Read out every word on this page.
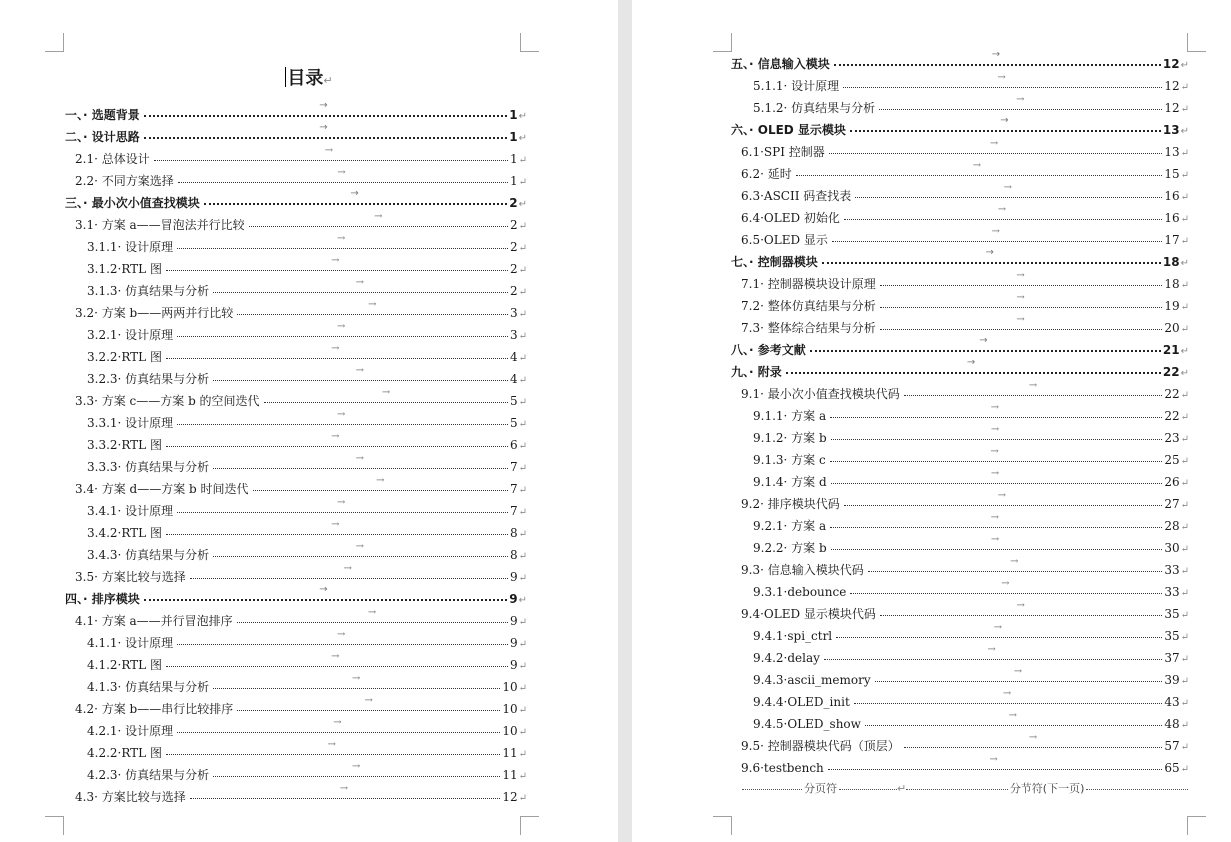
目录↵
一、· 选题背景
→
1 ↵
二、· 设计思路
→
1 ↵
2.1· 总体设计
→
1 ↵
2.2· 不同方案选择
→
1 ↵
三、· 最小次小值查找模块
→
2 ↵
3.1· 方案 a——冒泡法并行比较
→
2 ↵
3.1.1· 设计原理
→
2 ↵
3.1.2·RTL 图
→
2 ↵
3.1.3· 仿真结果与分析
→
2 ↵
3.2· 方案 b——两两并行比较
→
3 ↵
3.2.1· 设计原理
→
3 ↵
3.2.2·RTL 图
→
4 ↵
3.2.3· 仿真结果与分析
→
4 ↵
3.3· 方案 c——方案 b 的空间迭代
→
5 ↵
3.3.1· 设计原理
→
5 ↵
3.3.2·RTL 图
→
6 ↵
3.3.3· 仿真结果与分析
→
7 ↵
3.4· 方案 d——方案 b 时间迭代
→
7 ↵
3.4.1· 设计原理
→
7 ↵
3.4.2·RTL 图
→
8 ↵
3.4.3· 仿真结果与分析
→
8 ↵
3.5· 方案比较与选择
→
9 ↵
四、· 排序模块
→
9 ↵
4.1· 方案 a——并行冒泡排序
→
9 ↵
4.1.1· 设计原理
→
9 ↵
4.1.2·RTL 图
→
9 ↵
4.1.3· 仿真结果与分析
→
10 ↵
4.2· 方案 b——串行比较排序
→
10 ↵
4.2.1· 设计原理
→
10 ↵
4.2.2·RTL 图
→
11 ↵
4.2.3· 仿真结果与分析
→
11 ↵
4.3· 方案比较与选择
→
12 ↵
五、· 信息输入模块
→
12 ↵
5.1.1· 设计原理
→
12 ↵
5.1.2· 仿真结果与分析
→
12 ↵
六、· OLED 显示模块
→
13 ↵
6.1·SPI 控制器
→
13 ↵
6.2· 延时
→
15 ↵
6.3·ASCII 码查找表
→
16 ↵
6.4·OLED 初始化
→
16 ↵
6.5·OLED 显示
→
17 ↵
七、· 控制器模块
→
18 ↵
7.1· 控制器模块设计原理
→
18 ↵
7.2· 整体仿真结果与分析
→
19 ↵
7.3· 整体综合结果与分析
→
20 ↵
八、· 参考文献
→
21 ↵
九、· 附录
→
22 ↵
9.1· 最小次小值查找模块代码
→
22 ↵
9.1.1· 方案 a
→
22 ↵
9.1.2· 方案 b
→
23 ↵
9.1.3· 方案 c
→
25 ↵
9.1.4· 方案 d
→
26 ↵
9.2· 排序模块代码
→
27 ↵
9.2.1· 方案 a
→
28 ↵
9.2.2· 方案 b
→
30 ↵
9.3· 信息输入模块代码
→
33 ↵
9.3.1·debounce
→
33 ↵
9.4·OLED 显示模块代码
→
35 ↵
9.4.1·spi_ctrl
→
35 ↵
9.4.2·delay
→
37 ↵
9.4.3·ascii_memory
→
39 ↵
9.4.4·OLED_init
→
43 ↵
9.4.5·OLED_show
→
48 ↵
9.5· 控制器模块代码（顶层）
→
57 ↵
9.6·testbench
→
65 ↵
分页符	↵	分节符(下一页)
